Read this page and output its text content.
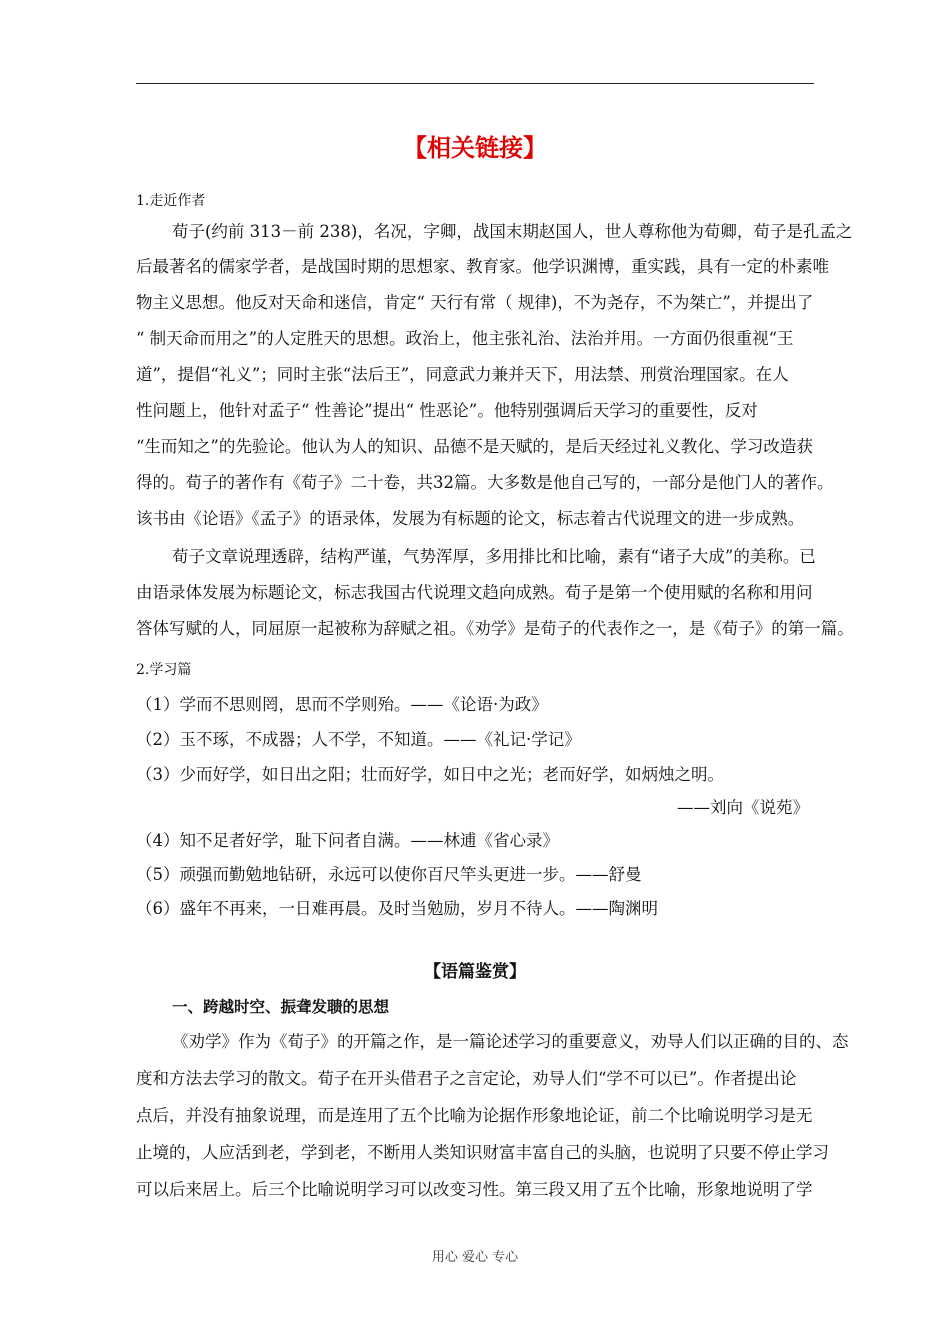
【相关链接】
1.走近作者
荀子(约前 313－前 238)，名况，字卿，战国末期赵国人，世人尊称他为荀卿，荀子是孔孟之
后最著名的儒家学者，是战国时期的思想家、教育家。他学识渊博，重实践，具有一定的朴素唯
物主义思想。他反对天命和迷信，肯定“ 天行有常（ 规律)，不为尧存，不为桀亡”，并提出了
“ 制天命而用之”的人定胜天的思想。政治上，他主张礼治、法治并用。一方面仍很重视“王
道”，提倡“礼义”；同时主张“法后王”，同意武力兼并天下，用法禁、刑赏治理国家。在人
性问题上，他针对孟子“ 性善论”提出“ 性恶论”。他特别强调后天学习的重要性，反对
“生而知之”的先验论。他认为人的知识、品德不是天赋的，是后天经过礼义教化、学习改造获
得的。荀子的著作有《荀子》二十卷，共32篇。大多数是他自己写的，一部分是他门人的著作。
该书由《论语》《孟子》的语录体，发展为有标题的论文，标志着古代说理文的进一步成熟。
荀子文章说理透辟，结构严谨，气势浑厚，多用排比和比喻，素有“诸子大成”的美称。已
由语录体发展为标题论文，标志我国古代说理文趋向成熟。荀子是第一个使用赋的名称和用问
答体写赋的人，同屈原一起被称为辞赋之祖。《劝学》是荀子的代表作之一，是《荀子》的第一篇。
2.学习篇
（1）学而不思则罔，思而不学则殆。——《论语·为政》
（2）玉不琢，不成器；人不学，不知道。——《礼记·学记》
（3）少而好学，如日出之阳；壮而好学，如日中之光；老而好学，如炳烛之明。
——刘向《说苑》
（4）知不足者好学，耻下问者自满。——林逋《省心录》
（5）顽强而勤勉地钻研，永远可以使你百尺竿头更进一步。——舒曼
（6）盛年不再来，一日难再晨。及时当勉励，岁月不待人。——陶渊明
【语篇鉴赏】
一、跨越时空、振聋发聩的思想
《劝学》作为《荀子》的开篇之作，是一篇论述学习的重要意义，劝导人们以正确的目的、态
度和方法去学习的散文。荀子在开头借君子之言定论，劝导人们“学不可以已”。作者提出论
点后，并没有抽象说理，而是连用了五个比喻为论据作形象地论证，前二个比喻说明学习是无
止境的，人应活到老，学到老，不断用人类知识财富丰富自己的头脑，也说明了只要不停止学习
可以后来居上。后三个比喻说明学习可以改变习性。第三段又用了五个比喻，形象地说明了学
用心 爱心 专心
